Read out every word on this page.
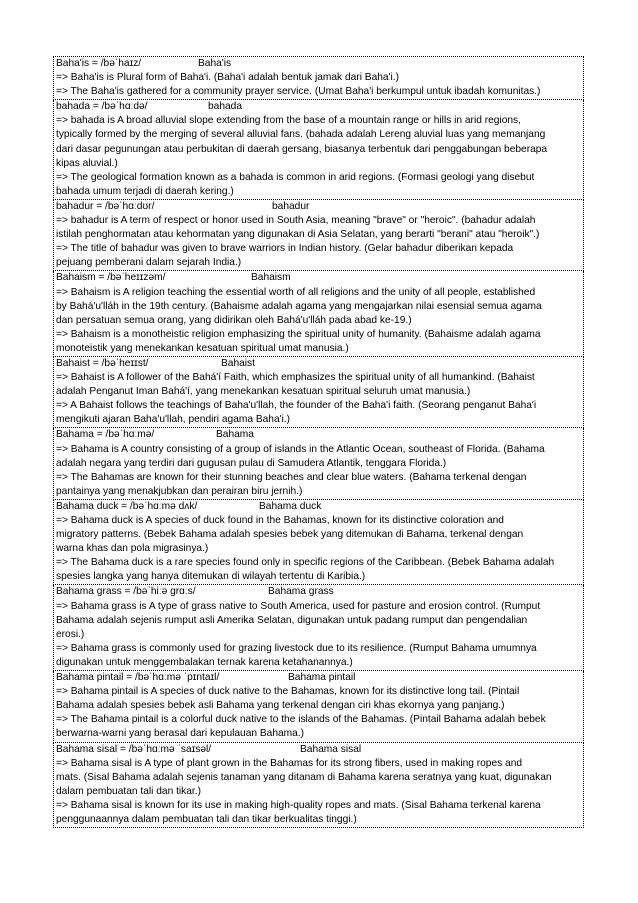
Baha'is = /bəˈhaɪz/	Baha'is
=> Baha'is is Plural form of Baha'i. (Baha'i adalah bentuk jamak dari Baha'i.)
=> The Baha'is gathered for a community prayer service. (Umat Baha'i berkumpul untuk ibadah komunitas.)
bahada = /bəˈhɑːdə/	bahada
=> bahada is A broad alluvial slope extending from the base of a mountain range or hills in arid regions,
typically formed by the merging of several alluvial fans. (bahada adalah Lereng aluvial luas yang memanjang
dari dasar pegunungan atau perbukitan di daerah gersang, biasanya terbentuk dari penggabungan beberapa
kipas aluvial.)
=> The geological formation known as a bahada is common in arid regions. (Formasi geologi yang disebut
bahada umum terjadi di daerah kering.)
bahadur = /bəˈhɑːdʊr/	bahadur
=> bahadur is A term of respect or honor used in South Asia, meaning "brave" or "heroic". (bahadur adalah
istilah penghormatan atau kehormatan yang digunakan di Asia Selatan, yang berarti "berani" atau "heroik".)
=> The title of bahadur was given to brave warriors in Indian history. (Gelar bahadur diberikan kepada
pejuang pemberani dalam sejarah India.)
Bahaism = /bəˈheɪɪzəm/	Bahaism
=> Bahaism is A religion teaching the essential worth of all religions and the unity of all people, established
by Bahá'u'lláh in the 19th century. (Bahaisme adalah agama yang mengajarkan nilai esensial semua agama
dan persatuan semua orang, yang didirikan oleh Bahá'u'lláh pada abad ke-19.)
=> Bahaism is a monotheistic religion emphasizing the spiritual unity of humanity. (Bahaisme adalah agama
monoteistik yang menekankan kesatuan spiritual umat manusia.)
Bahaist = /bəˈheɪɪst/	Bahaist
=> Bahaist is A follower of the Bahá'í Faith, which emphasizes the spiritual unity of all humankind. (Bahaist
adalah Penganut Iman Bahá'í, yang menekankan kesatuan spiritual seluruh umat manusia.)
=> A Bahaist follows the teachings of Baha'u'llah, the founder of the Baha'i faith. (Seorang penganut Baha'i
mengikuti ajaran Baha'u'llah, pendiri agama Baha'i.)
Bahama = /bəˈhɑːmə/	Bahama
=> Bahama is A country consisting of a group of islands in the Atlantic Ocean, southeast of Florida. (Bahama
adalah negara yang terdiri dari gugusan pulau di Samudera Atlantik, tenggara Florida.)
=> The Bahamas are known for their stunning beaches and clear blue waters. (Bahama terkenal dengan
pantainya yang menakjubkan dan perairan biru jernih.)
Bahama duck = /bəˈhɑːmə dʌk/	Bahama duck
=> Bahama duck is A species of duck found in the Bahamas, known for its distinctive coloration and
migratory patterns. (Bebek Bahama adalah spesies bebek yang ditemukan di Bahama, terkenal dengan
warna khas dan pola migrasinya.)
=> The Bahama duck is a rare species found only in specific regions of the Caribbean. (Bebek Bahama adalah
spesies langka yang hanya ditemukan di wilayah tertentu di Karibia.)
Bahama grass = /bəˈhiːə grɑːs/	Bahama grass
=> Bahama grass is A type of grass native to South America, used for pasture and erosion control. (Rumput
Bahama adalah sejenis rumput asli Amerika Selatan, digunakan untuk padang rumput dan pengendalian
erosi.)
=> Bahama grass is commonly used for grazing livestock due to its resilience. (Rumput Bahama umumnya
digunakan untuk menggembalakan ternak karena ketahanannya.)
Bahama pintail = /bəˈhɑːmə ˈpɪntaɪl/	Bahama pintail
=> Bahama pintail is A species of duck native to the Bahamas, known for its distinctive long tail. (Pintail
Bahama adalah spesies bebek asli Bahama yang terkenal dengan ciri khas ekornya yang panjang.)
=> The Bahama pintail is a colorful duck native to the islands of the Bahamas. (Pintail Bahama adalah bebek
berwarna-warni yang berasal dari kepulauan Bahama.)
Bahama sisal = /bəˈhɑːmə ˈsaɪsəl/	Bahama sisal
=> Bahama sisal is A type of plant grown in the Bahamas for its strong fibers, used in making ropes and
mats. (Sisal Bahama adalah sejenis tanaman yang ditanam di Bahama karena seratnya yang kuat, digunakan
dalam pembuatan tali dan tikar.)
=> Bahama sisal is known for its use in making high-quality ropes and mats. (Sisal Bahama terkenal karena
penggunaannya dalam pembuatan tali dan tikar berkualitas tinggi.)
